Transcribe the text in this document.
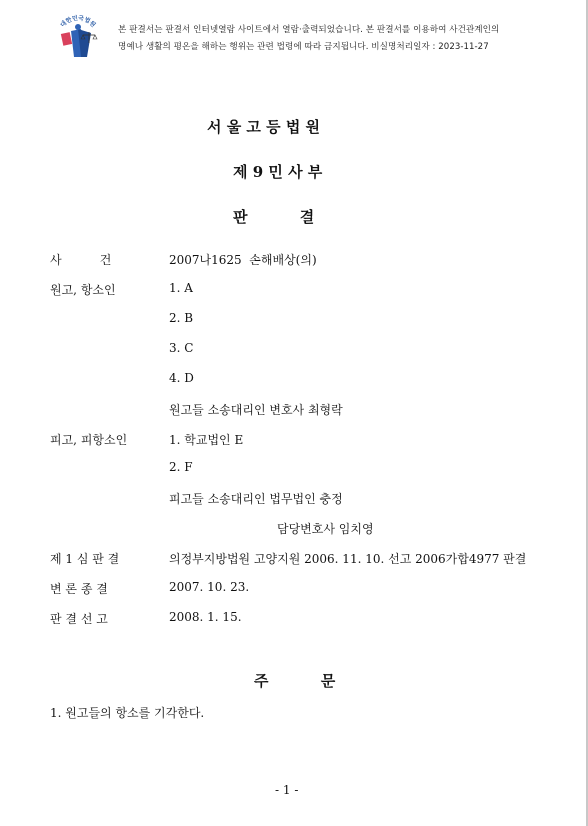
대한민국법원
본 판결서는 판결서 인터넷열람 사이트에서 열람·출력되었습니다. 본 판결서를 이용하여 사건관계인의
명예나 생활의 평온을 해하는 행위는 관련 법령에 따라 금지됩니다. 비실명처리일자 : 2023-11-27
서 울 고 등 법 원
제 9 민 사 부
판          결
사          건	2007나1625  손해배상(의)
원고, 항소인	1. A
2. B
3. C
4. D
원고들 소송대리인 변호사 최형락
피고, 피항소인	1. 학교법인 E
2. F
피고들 소송대리인 법무법인 충정
담당변호사 임치영
제 1 심 판 결	의정부지방법원 고양지원 2006. 11. 10. 선고 2006가합4977 판결
변 론 종 결	2007. 10. 23.
판 결 선 고	2008. 1. 15.
주          문
1. 원고들의 항소를 기각한다.
- 1 -
